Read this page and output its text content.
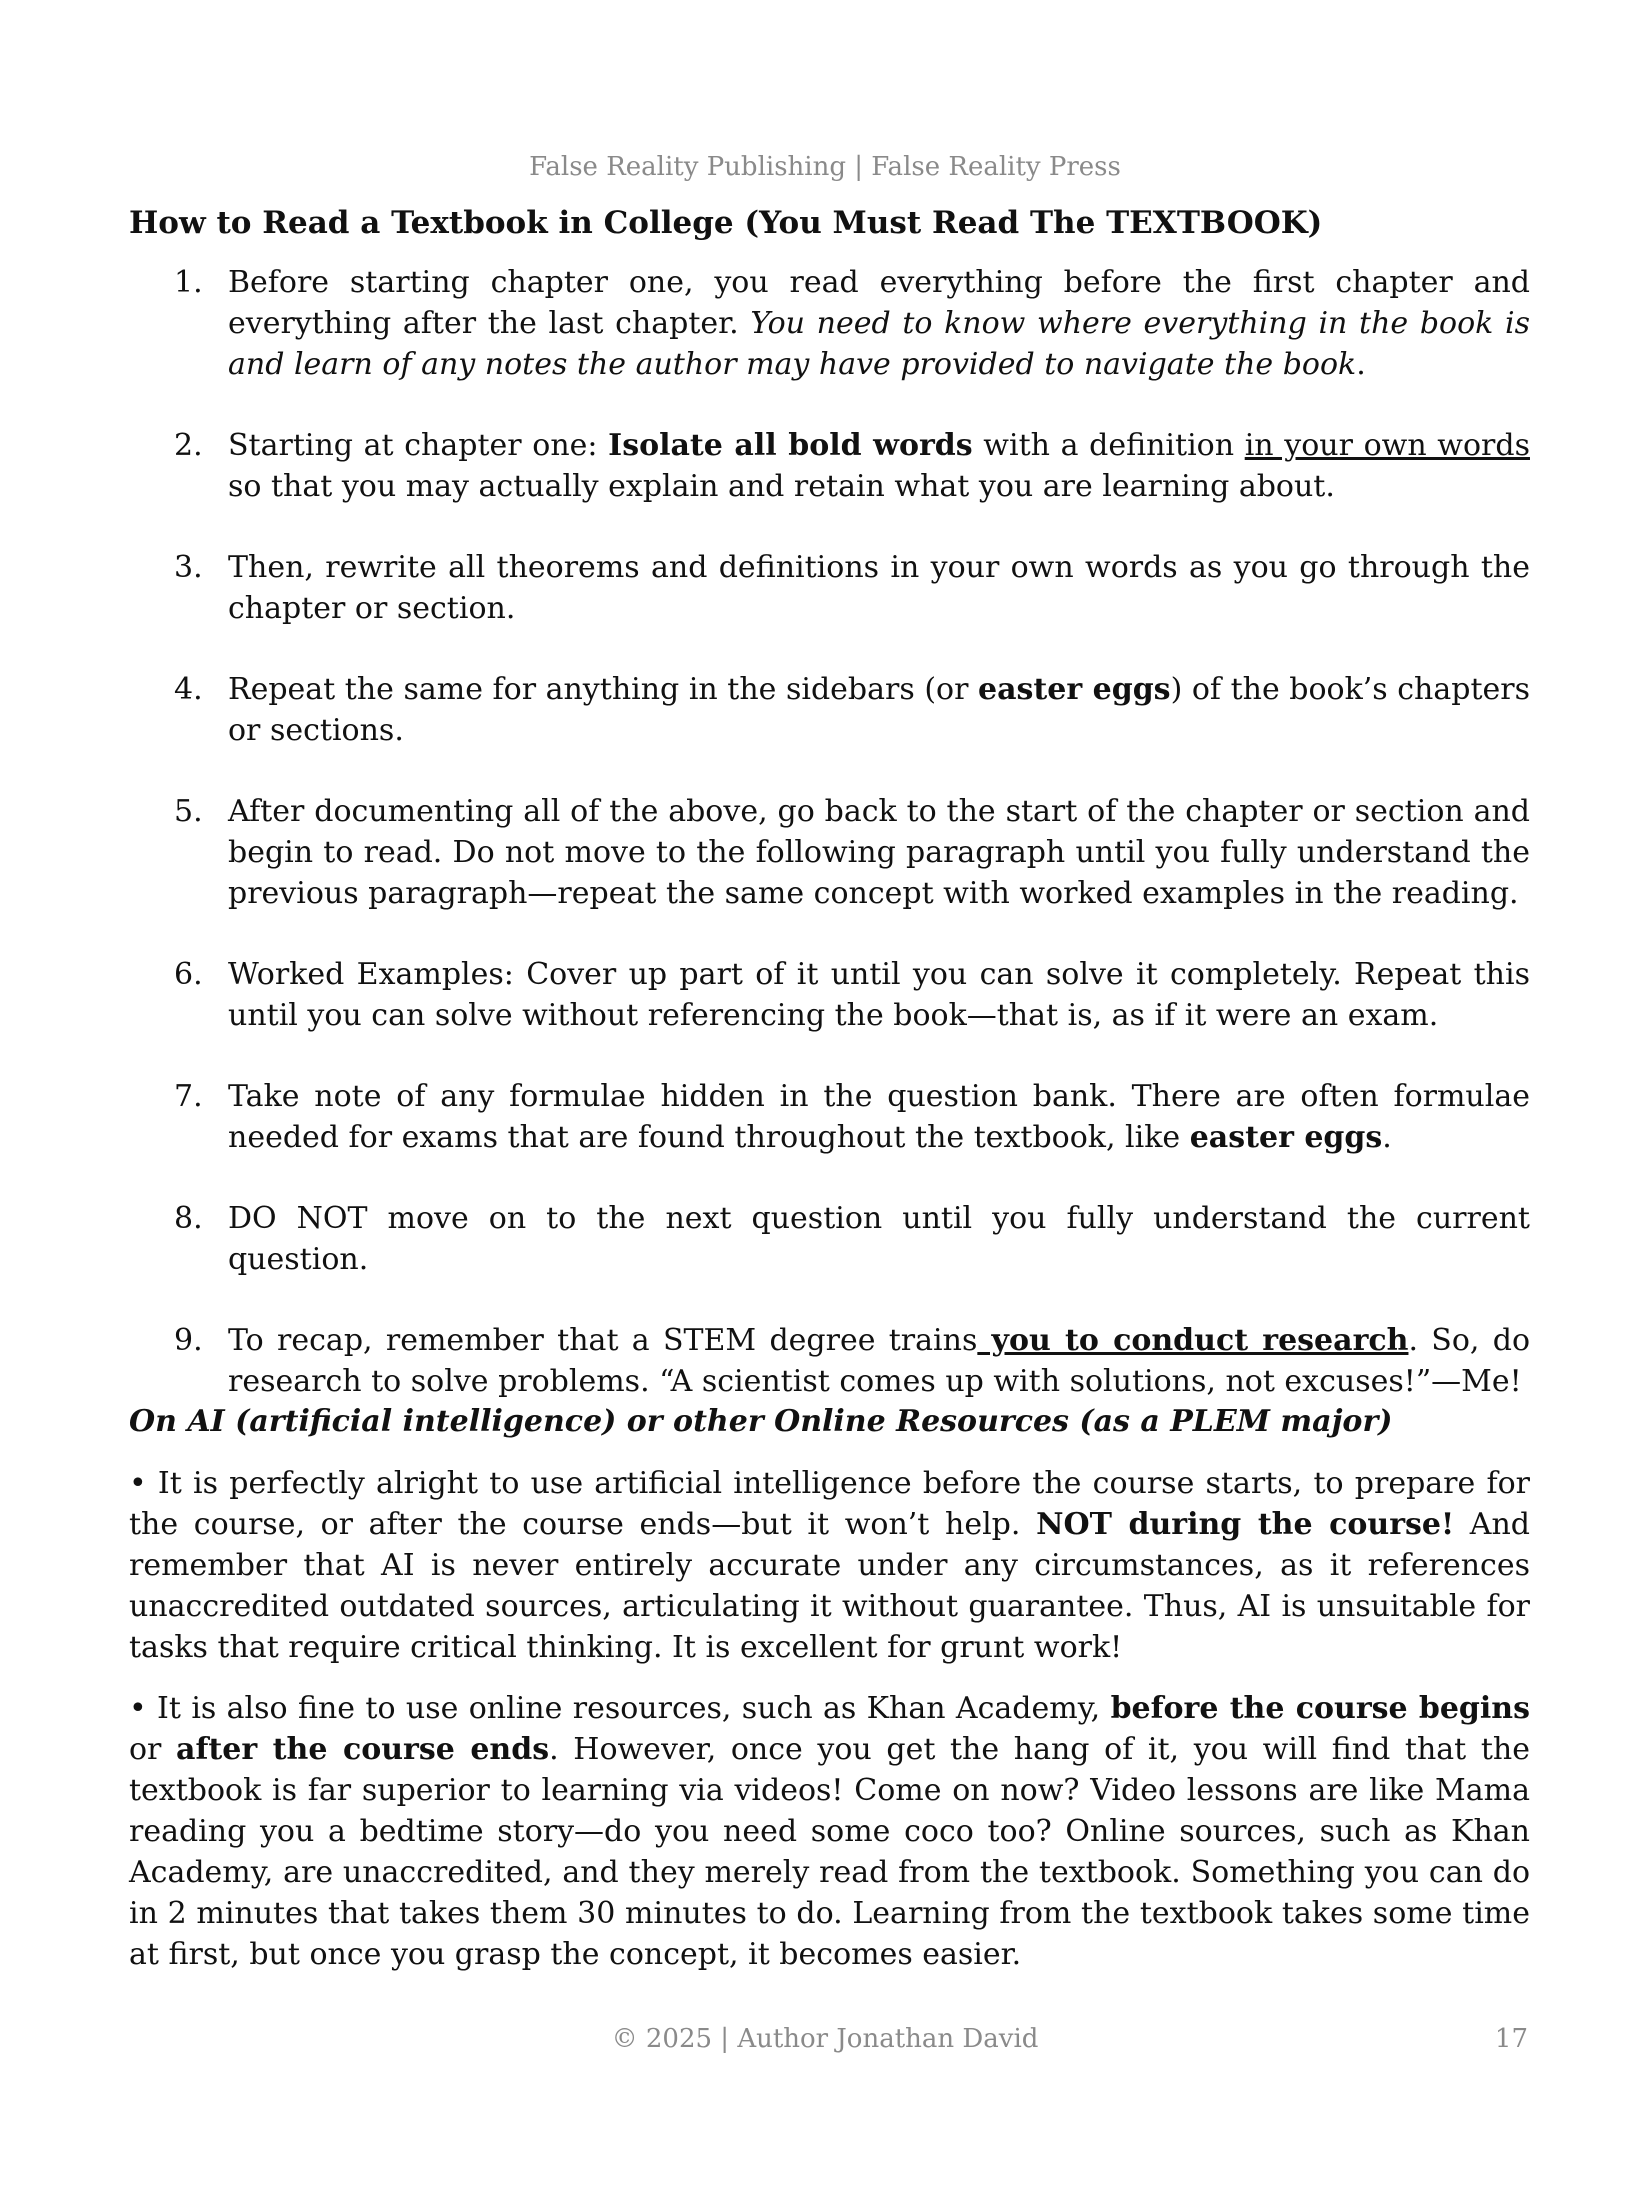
False Reality Publishing | False Reality Press
How to Read a Textbook in College (You Must Read The TEXTBOOK)
1. Before starting chapter one, you read everything before the first chapter and everything after the last chapter. You need to know where everything in the book is and learn of any notes the author may have provided to navigate the book.
2. Starting at chapter one: Isolate all bold words with a definition in your own words so that you may actually explain and retain what you are learning about.
3. Then, rewrite all theorems and definitions in your own words as you go through the chapter or section.
4. Repeat the same for anything in the sidebars (or easter eggs) of the book’s chapters or sections.
5. After documenting all of the above, go back to the start of the chapter or section and begin to read. Do not move to the following paragraph until you fully understand the previous paragraph—repeat the same concept with worked examples in the reading.
6. Worked Examples: Cover up part of it until you can solve it completely. Repeat this until you can solve without referencing the book—that is, as if it were an exam.
7. Take note of any formulae hidden in the question bank. There are often formulae needed for exams that are found throughout the textbook, like easter eggs.
8. DO NOT move on to the next question until you fully understand the current question.
9. To recap, remember that a STEM degree trains you to conduct research. So, do research to solve problems. “A scientist comes up with solutions, not excuses!”—Me!
On AI (artificial intelligence) or other Online Resources (as a PLEM major)

• It is perfectly alright to use artificial intelligence before the course starts, to prepare for the course, or after the course ends—but it won’t help. NOT during the course! And remember that AI is never entirely accurate under any circumstances, as it references unaccredited outdated sources, articulating it without guarantee. Thus, AI is unsuitable for tasks that require critical thinking. It is excellent for grunt work!

• It is also fine to use online resources, such as Khan Academy, before the course begins or after the course ends. However, once you get the hang of it, you will find that the textbook is far superior to learning via videos! Come on now? Video lessons are like Mama reading you a bedtime story—do you need some coco too? Online sources, such as Khan Academy, are unaccredited, and they merely read from the textbook. Something you can do in 2 minutes that takes them 30 minutes to do. Learning from the textbook takes some time at first, but once you grasp the concept, it becomes easier.

© 2025 | Author Jonathan David	17
